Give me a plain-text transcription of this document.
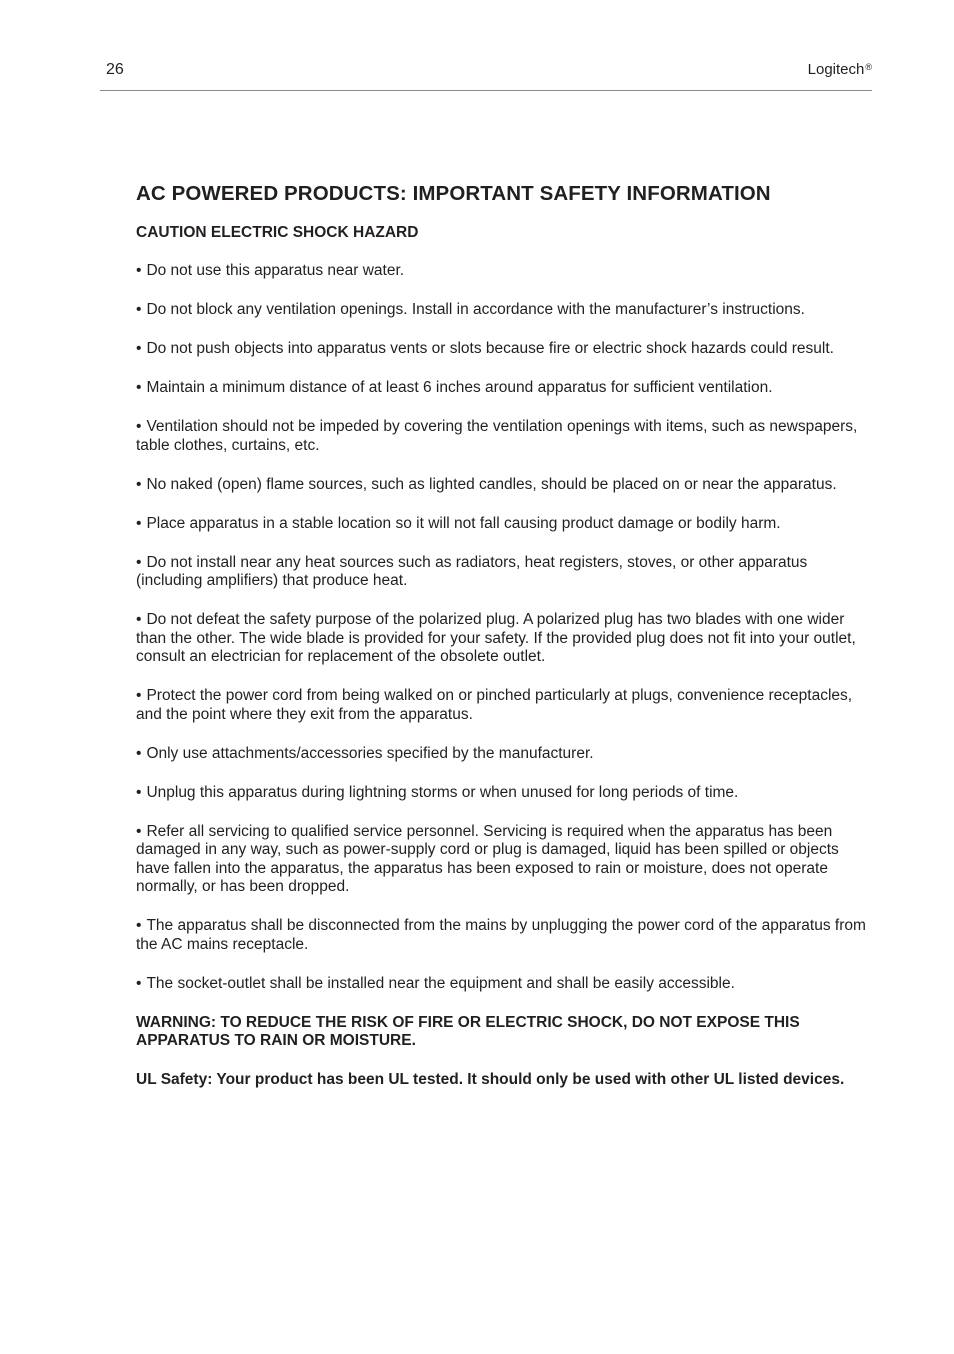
26	Logitech®
AC POWERED PRODUCTS: IMPORTANT SAFETY INFORMATION
CAUTION ELECTRIC SHOCK HAZARD
• Do not use this apparatus near water.
• Do not block any ventilation openings. Install in accordance with the manufacturer’s instructions.
• Do not push objects into apparatus vents or slots because fire or electric shock hazards could result.
• Maintain a minimum distance of at least 6 inches around apparatus for sufficient ventilation.
• Ventilation should not be impeded by covering the ventilation openings with items, such as newspapers, table clothes, curtains, etc.
• No naked (open) flame sources, such as lighted candles, should be placed on or near the apparatus.
• Place apparatus in a stable location so it will not fall causing product damage or bodily harm.
• Do not install near any heat sources such as radiators, heat registers, stoves, or other apparatus (including amplifiers) that produce heat.
• Do not defeat the safety purpose of the polarized plug. A polarized plug has two blades with one wider than the other. The wide blade is provided for your safety. If the provided plug does not fit into your outlet, consult an electrician for replacement of the obsolete outlet.
• Protect the power cord from being walked on or pinched particularly at plugs, convenience receptacles, and the point where they exit from the apparatus.
• Only use attachments/accessories specified by the manufacturer.
• Unplug this apparatus during lightning storms or when unused for long periods of time.
• Refer all servicing to qualified service personnel. Servicing is required when the apparatus has been damaged in any way, such as power-supply cord or plug is damaged, liquid has been spilled or objects have fallen into the apparatus, the apparatus has been exposed to rain or moisture, does not operate normally, or has been dropped.
• The apparatus shall be disconnected from the mains by unplugging the power cord of the apparatus from the AC mains receptacle.
• The socket-outlet shall be installed near the equipment and shall be easily accessible.

WARNING: TO REDUCE THE RISK OF FIRE OR ELECTRIC SHOCK, DO NOT EXPOSE THIS APPARATUS TO RAIN OR MOISTURE.

UL Safety: Your product has been UL tested. It should only be used with other UL listed devices.
